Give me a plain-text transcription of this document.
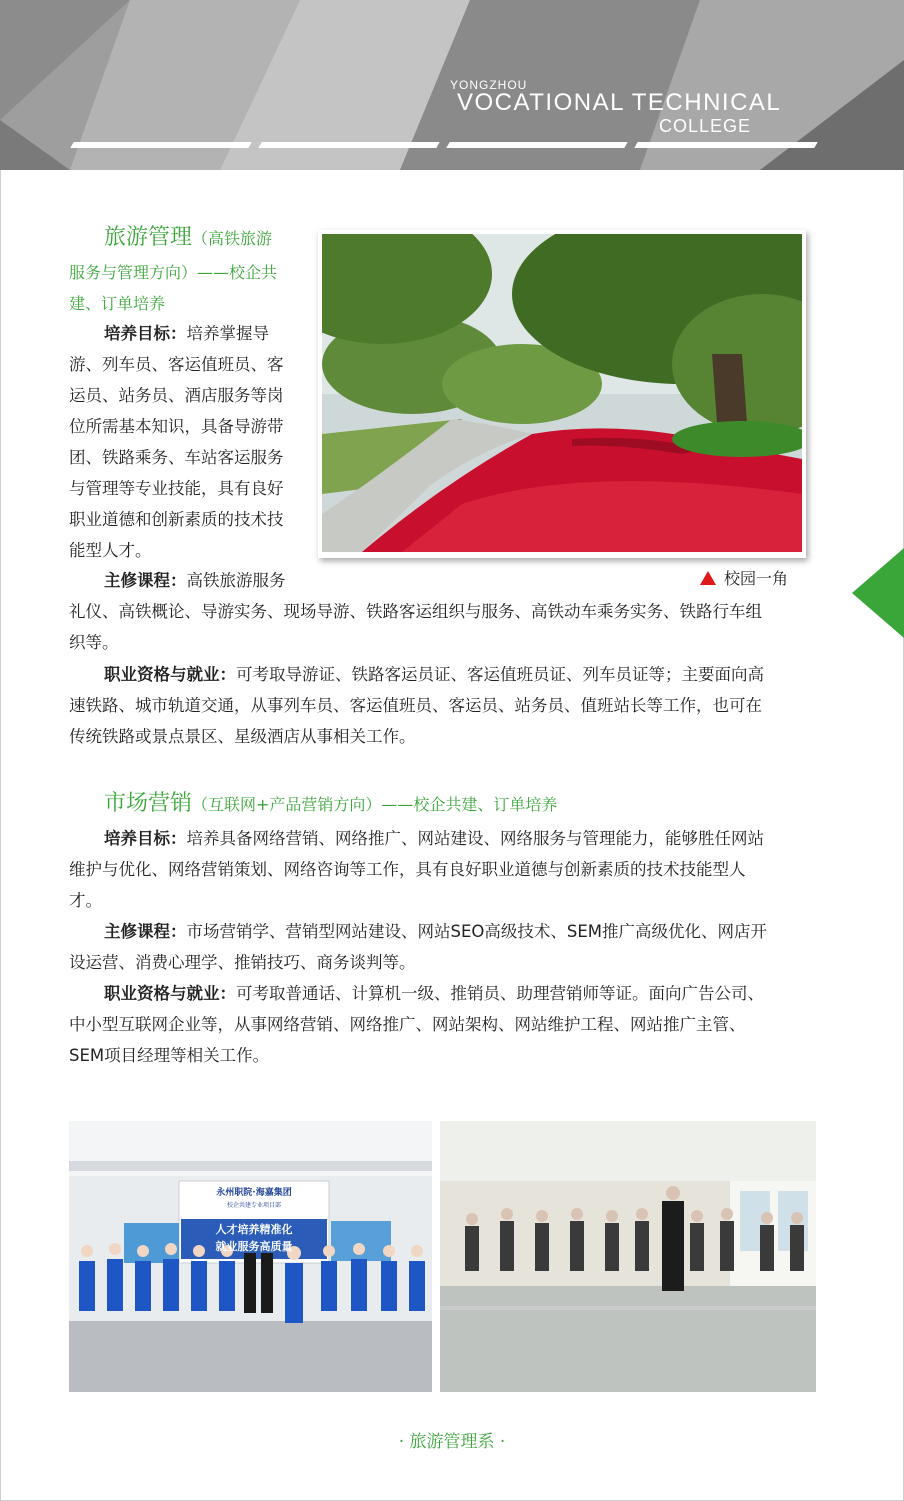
YONGZHOU
VOCATIONAL TECHNICAL
COLLEGE
旅游管理（高铁旅游
服务与管理方向）——校企共
建、订单培养
培养目标：培养掌握导
游、列车员、客运值班员、客
运员、站务员、酒店服务等岗
位所需基本知识，具备导游带
团、铁路乘务、车站客运服务
与管理等专业技能，具有良好
职业道德和创新素质的技术技
能型人才。
主修课程：高铁旅游服务
礼仪、高铁概论、导游实务、现场导游、铁路客运组织与服务、高铁动车乘务实务、铁路行车组
织等。
职业资格与就业：可考取导游证、铁路客运员证、客运值班员证、列车员证等；主要面向高
速铁路、城市轨道交通，从事列车员、客运值班员、客运员、站务员、值班站长等工作，也可在
传统铁路或景点景区、星级酒店从事相关工作。
校园一角
市场营销（互联网+产品营销方向）——校企共建、订单培养
培养目标：培养具备网络营销、网络推广、网站建设、网络服务与管理能力，能够胜任网站
维护与优化、网络营销策划、网络咨询等工作，具有良好职业道德与创新素质的技术技能型人
才。
主修课程：市场营销学、营销型网站建设、网站SEO高级技术、SEM推广高级优化、网店开
设运营、消费心理学、推销技巧、商务谈判等。
职业资格与就业：可考取普通话、计算机一级、推销员、助理营销师等证。面向广告公司、
中小型互联网企业等，从事网络营销、网络推广、网站架构、网站维护工程、网站推广主管、
SEM项目经理等相关工作。
永州职院·海嘉集团
校企共建专业项目部
人才培养精准化
就业服务高质量
· 旅游管理系 ·
